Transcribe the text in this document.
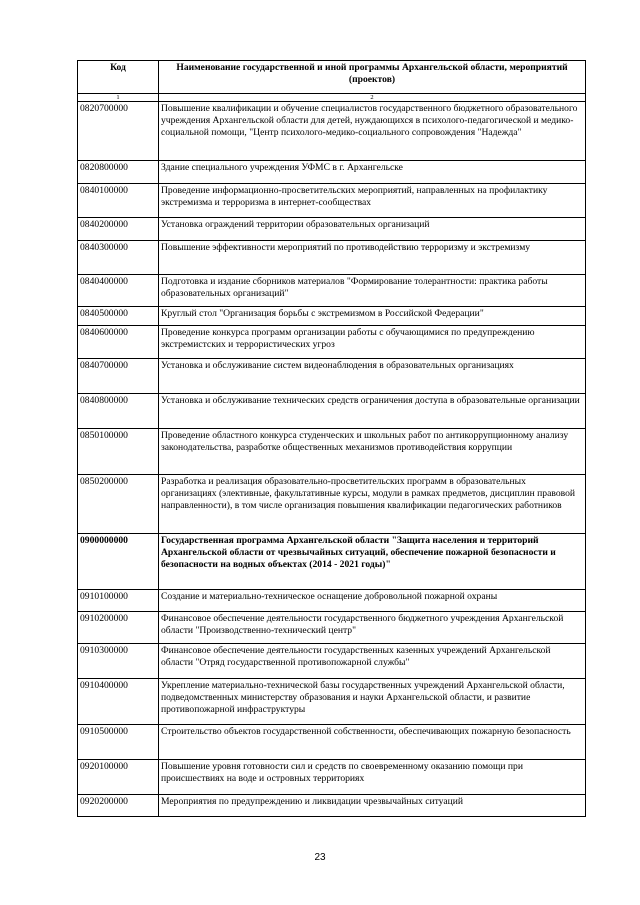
Код	Наименование государственной и иной программы Архангельской области, мероприятий (проектов)
1	2
0820700000	Повышение квалификации и обучение специалистов государственного бюджетного образовательного учреждения Архангельской области для детей, нуждающихся в психолого-педагогической и медико-социальной помощи, "Центр психолого-медико-социального сопровождения "Надежда"
0820800000	Здание специального учреждения УФМС в г. Архангельске
0840100000	Проведение информационно-просветительских мероприятий, направленных на профилактику экстремизма и терроризма в интернет-сообществах
0840200000	Установка ограждений территории образовательных организаций
0840300000	Повышение эффективности мероприятий по противодействию терроризму и экстремизму
0840400000	Подготовка и издание сборников материалов "Формирование толерантности: практика работы образовательных организаций"
0840500000	Круглый стол "Организация борьбы с экстремизмом в Российской Федерации"
0840600000	Проведение конкурса программ организации работы с обучающимися по предупреждению экстремистских и террористических угроз
0840700000	Установка и обслуживание систем видеонаблюдения в образовательных организациях
0840800000	Установка и обслуживание технических средств ограничения доступа в образовательные организации
0850100000	Проведение областного конкурса студенческих и школьных работ по антикоррупционному анализу законодательства, разработке общественных механизмов противодействия коррупции
0850200000	Разработка и реализация образовательно-просветительских программ в образовательных организациях (элективные, факультативные курсы, модули в рамках предметов, дисциплин правовой направленности), в том числе организация повышения квалификации педагогических работников
0900000000	Государственная программа Архангельской области "Защита населения и территорий Архангельской области от чрезвычайных ситуаций, обеспечение пожарной безопасности и безопасности на водных объектах (2014 - 2021 годы)"
0910100000	Создание и материально-техническое оснащение добровольной пожарной охраны
0910200000	Финансовое обеспечение деятельности государственного бюджетного учреждения Архангельской области "Производственно-технический центр"
0910300000	Финансовое обеспечение деятельности государственных казенных учреждений Архангельской области "Отряд государственной противопожарной службы"
0910400000	Укрепление материально-технической базы государственных учреждений Архангельской области, подведомственных министерству образования и науки Архангельской области, и развитие противопожарной инфраструктуры
0910500000	Строительство объектов государственной собственности, обеспечивающих пожарную безопасность
0920100000	Повышение уровня готовности сил и средств по своевременному оказанию помощи при происшествиях на воде и островных территориях
0920200000	Мероприятия по предупреждению и ликвидации чрезвычайных ситуаций
23
